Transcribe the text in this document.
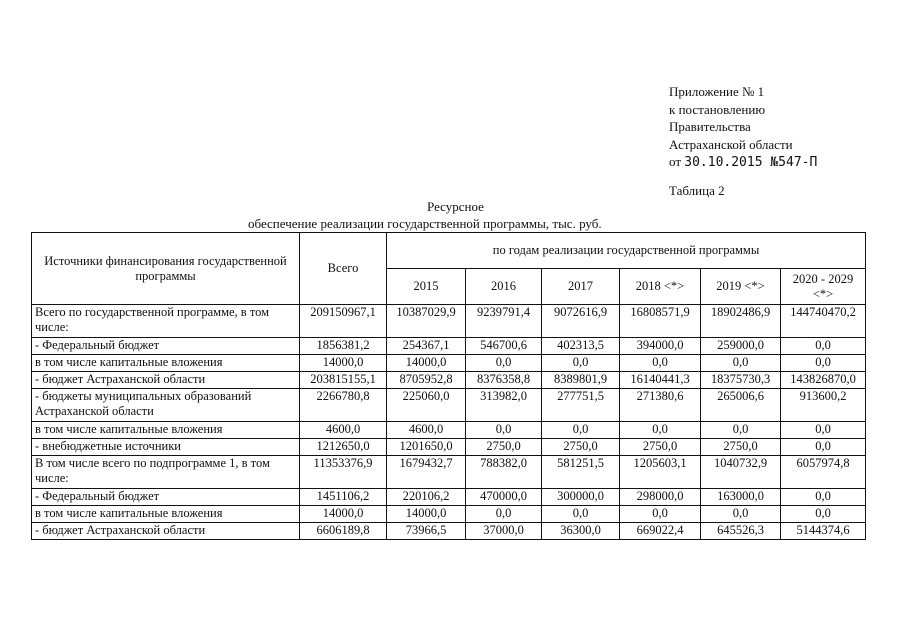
Приложение № 1
к постановлению
Правительства
Астраханской области
от 30.10.2015 №547-П
Таблица 2
Ресурсное
обеспечение реализации государственной программы, тыс. руб.
Источники финансирования государственной программы	Всего	по годам реализации государственной программы					
		2015	2016	2017	2018 <*>	2019 <*>	2020 - 2029 <*>
Всего по государственной программе, в том числе:	209150967,1	10387029,9	9239791,4	9072616,9	16808571,9	18902486,9	144740470,2
- Федеральный бюджет	1856381,2	254367,1	546700,6	402313,5	394000,0	259000,0	0,0
в том числе капитальные вложения	14000,0	14000,0	0,0	0,0	0,0	0,0	0,0
- бюджет Астраханской области	203815155,1	8705952,8	8376358,8	8389801,9	16140441,3	18375730,3	143826870,0
- бюджеты муниципальных образований Астраханской области	2266780,8	225060,0	313982,0	277751,5	271380,6	265006,6	913600,2
в том числе капитальные вложения	4600,0	4600,0	0,0	0,0	0,0	0,0	0,0
- внебюджетные источники	1212650,0	1201650,0	2750,0	2750,0	2750,0	2750,0	0,0
В том числе всего по подпрограмме 1, в том числе:	11353376,9	1679432,7	788382,0	581251,5	1205603,1	1040732,9	6057974,8
- Федеральный бюджет	1451106,2	220106,2	470000,0	300000,0	298000,0	163000,0	0,0
в том числе капитальные вложения	14000,0	14000,0	0,0	0,0	0,0	0,0	0,0
- бюджет Астраханской области	6606189,8	73966,5	37000,0	36300,0	669022,4	645526,3	5144374,6
